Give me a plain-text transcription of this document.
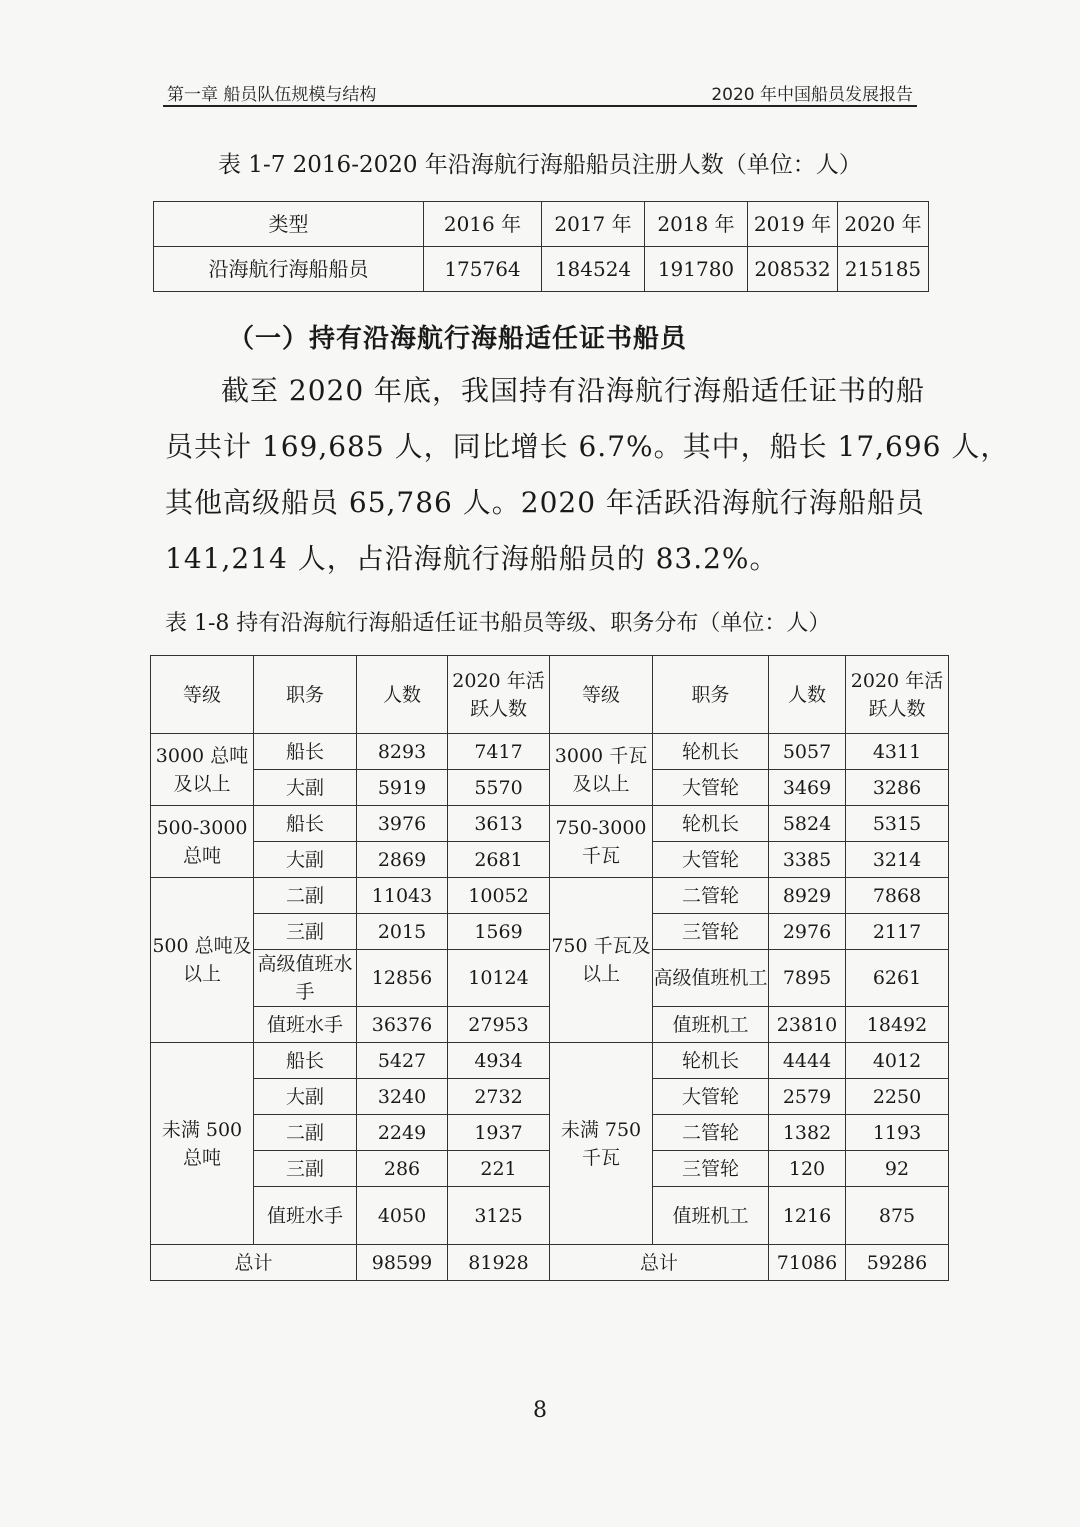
第一章 船员队伍规模与结构	2020 年中国船员发展报告
表 1-7 2016-2020 年沿海航行海船船员注册人数（单位：人）
类型	2016 年	2017 年	2018 年	2019 年	2020 年
沿海航行海船船员	175764	184524	191780	208532	215185
（一）持有沿海航行海船适任证书船员
截至 2020 年底，我国持有沿海航行海船适任证书的船
员共计 169,685 人，同比增长 6.7%。其中，船长 17,696 人，
其他高级船员 65,786 人。2020 年活跃沿海航行海船船员
141,214 人，占沿海航行海船船员的 83.2%。
表 1-8 持有沿海航行海船适任证书船员等级、职务分布（单位：人）
等级	职务	人数	2020 年活跃人数	等级	职务	人数	2020 年活跃人数
3000 总吨及以上	船长	8293	7417	3000 千瓦及以上	轮机长	5057	4311
	大副	5919	5570		大管轮	3469	3286
500-3000 总吨	船长	3976	3613	750-3000 千瓦	轮机长	5824	5315
	大副	2869	2681		大管轮	3385	3214
500 总吨及以上	二副	11043	10052	750 千瓦及以上	二管轮	8929	7868
	三副	2015	1569		三管轮	2976	2117
	高级值班水手	12856	10124		高级值班机工	7895	6261
	值班水手	36376	27953		值班机工	23810	18492
未满 500 总吨	船长	5427	4934	未满 750 千瓦	轮机长	4444	4012
	大副	3240	2732		大管轮	2579	2250
	二副	2249	1937		二管轮	1382	1193
	三副	286	221		三管轮	120	92
	值班水手	4050	3125		值班机工	1216	875
总计		98599	81928	总计		71086	59286
8
